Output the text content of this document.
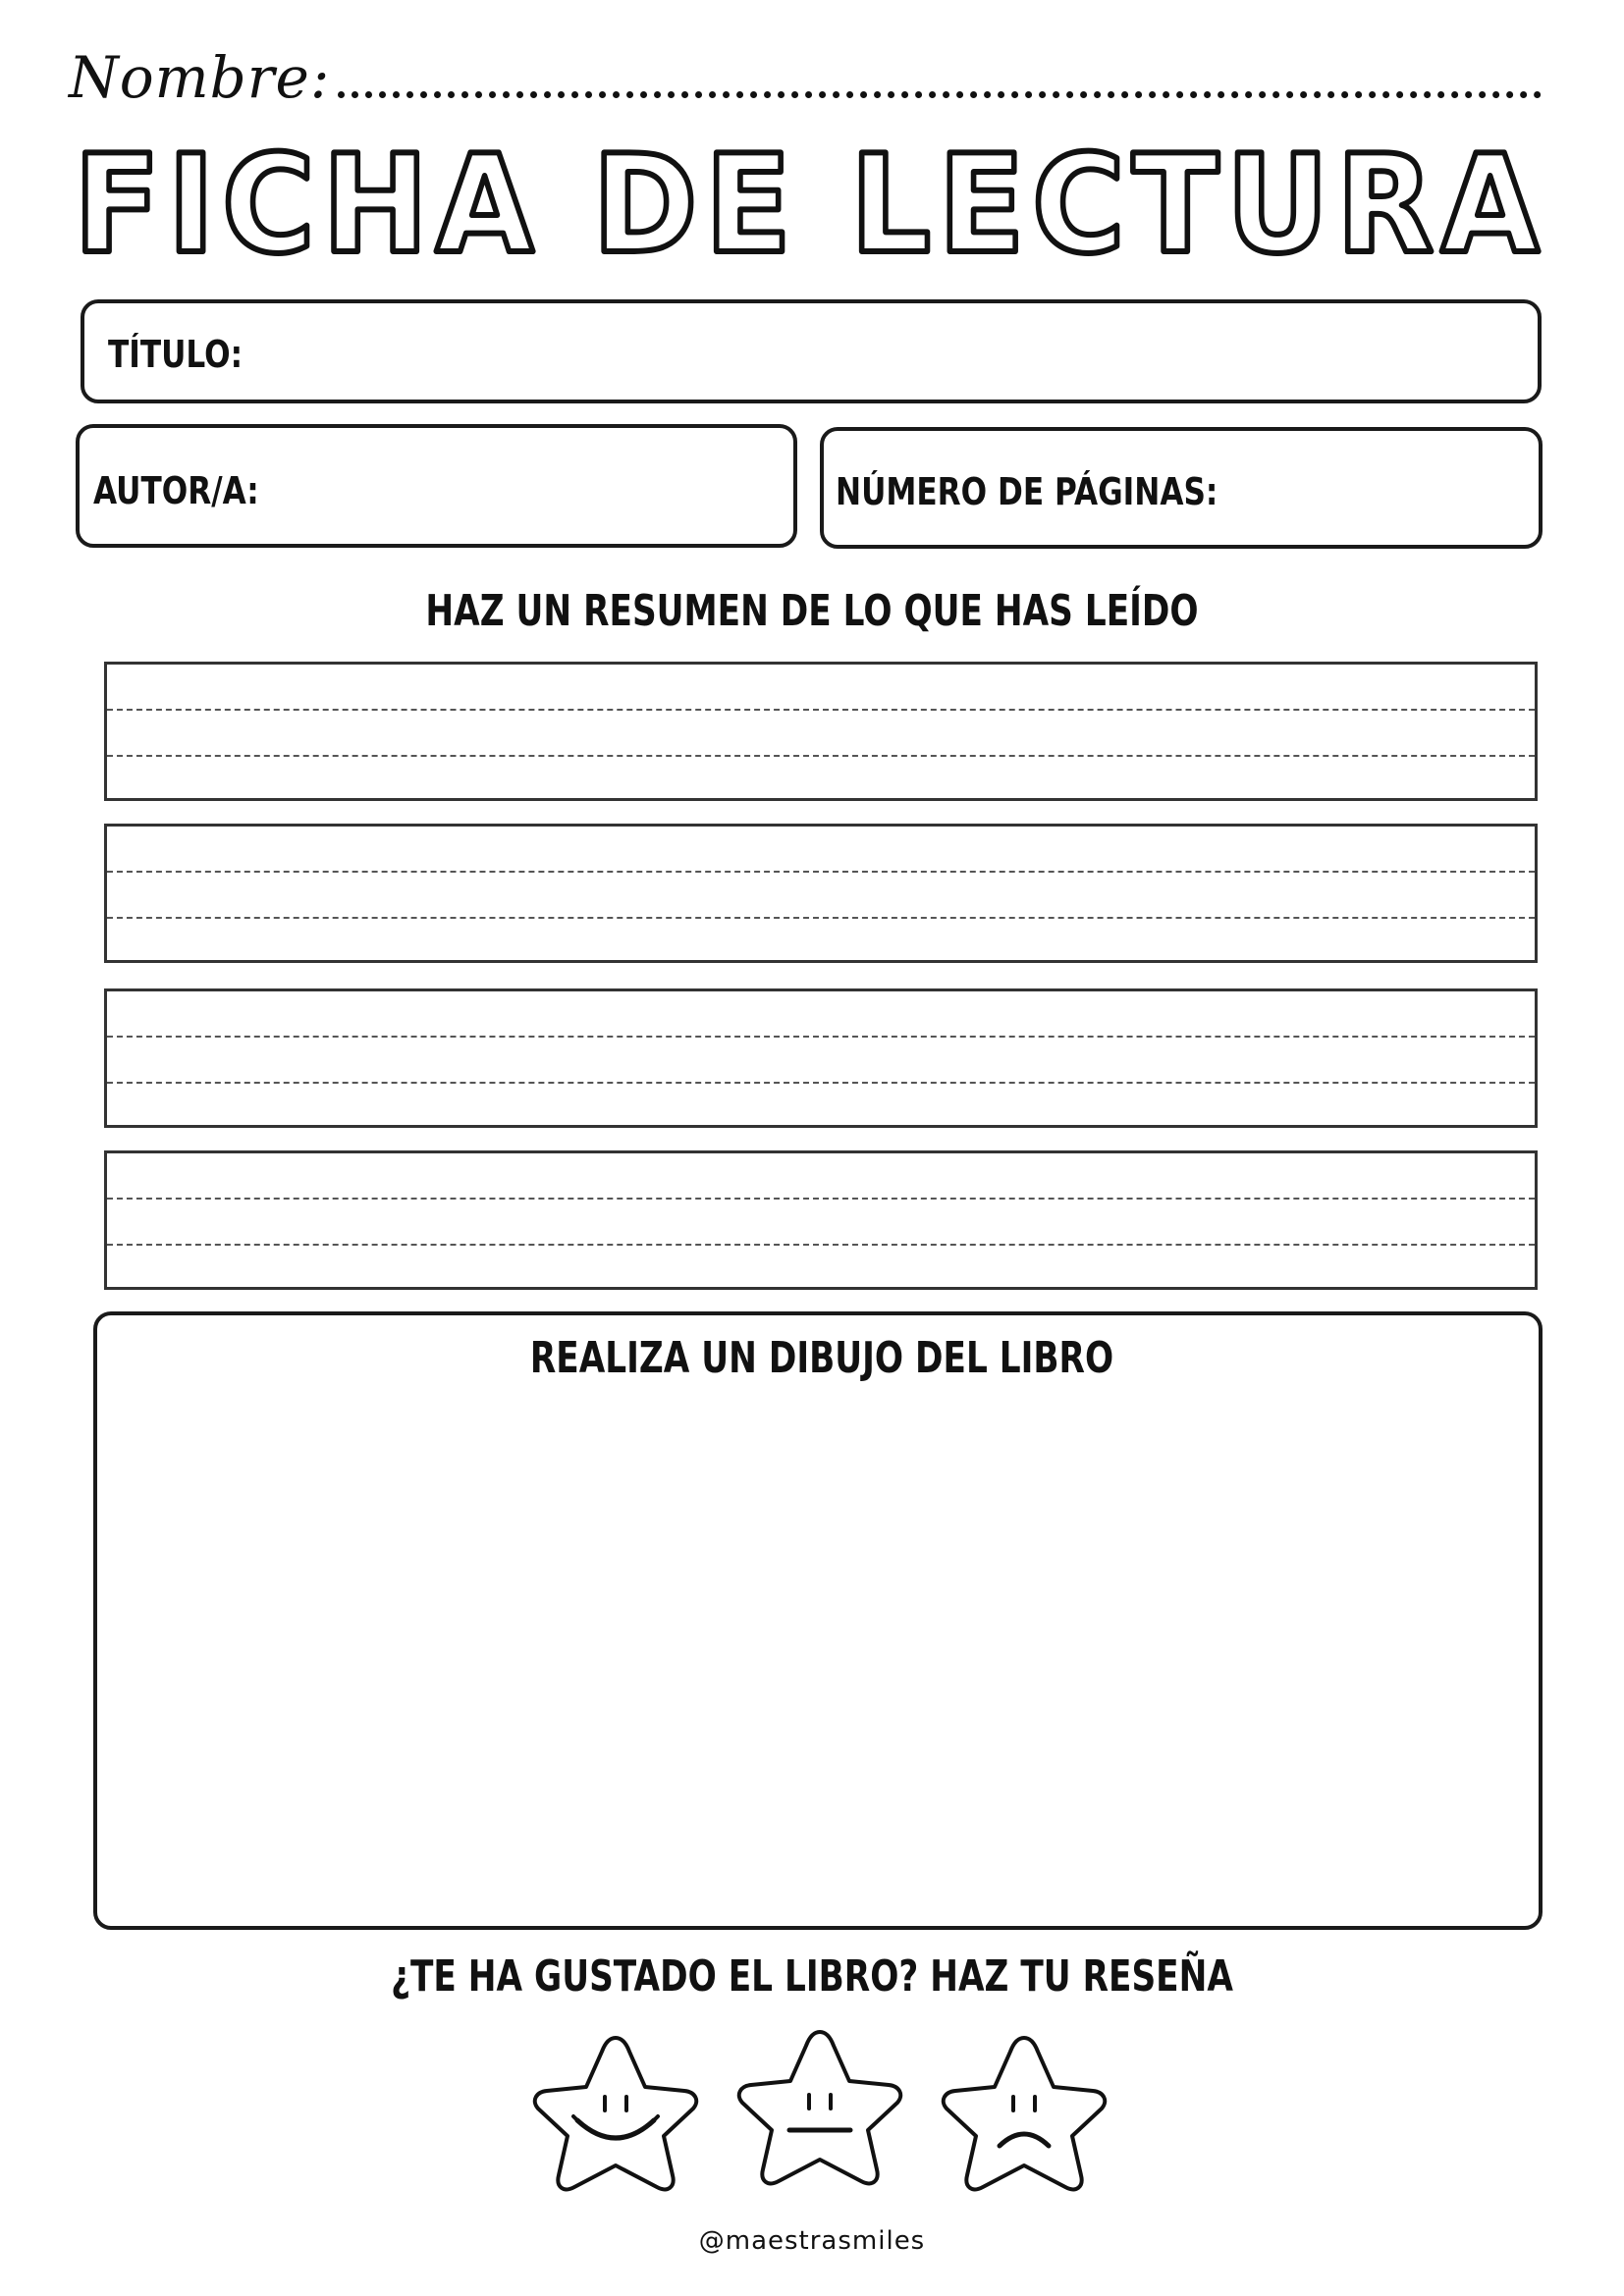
Nombre:
FICHA DE LECTURA
TÍTULO:
AUTOR/A:	NÚMERO DE PÁGINAS:
HAZ UN RESUMEN DE LO QUE HAS LEÍDO
REALIZA UN DIBUJO DEL LIBRO
¿TE HA GUSTADO EL LIBRO? HAZ TU RESEÑA
@maestrasmiles
